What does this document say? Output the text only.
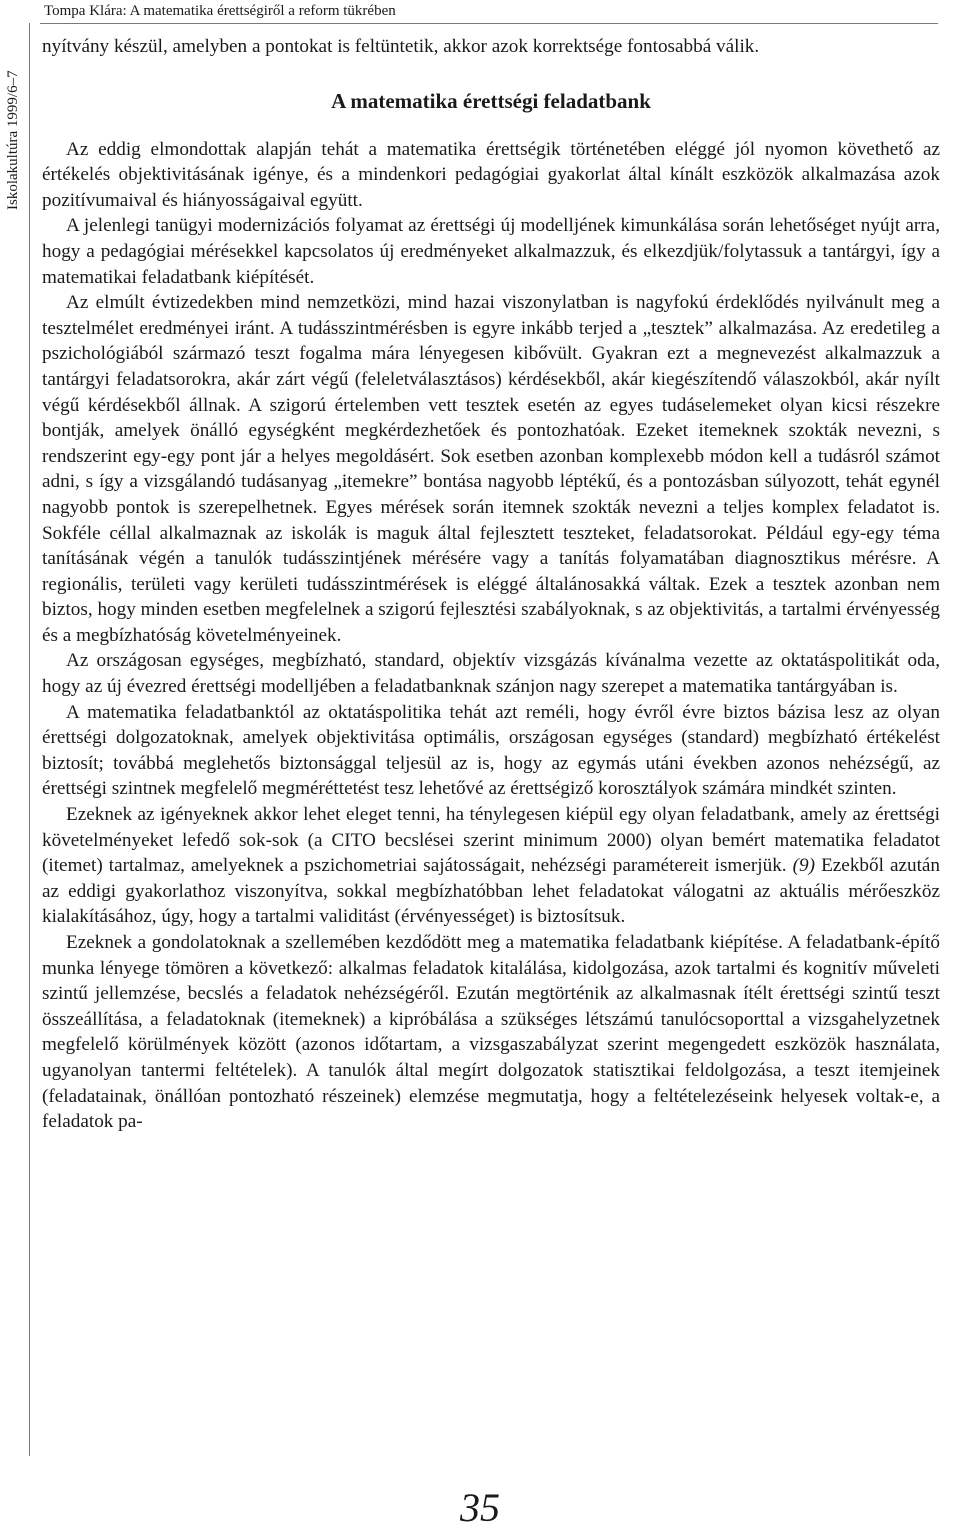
Tompa Klára: A matematika érettségiről a reform tükrében
Iskolakultúra 1999/6–7

nyítvány készül, amelyben a pontokat is feltüntetik, akkor azok korrektsége fontosabbá válik.

A matematika érettségi feladatbank

Az eddig elmondottak alapján tehát a matematika érettségik történetében eléggé jól nyomon követhető az értékelés objektivitásának igénye, és a mindenkori pedagógiai gyakorlat által kínált eszközök alkalmazása azok pozitívumaival és hiányosságaival együtt.

A jelenlegi tanügyi modernizációs folyamat az érettségi új modelljének kimunkálása során lehetőséget nyújt arra, hogy a pedagógiai mérésekkel kapcsolatos új eredményeket alkalmazzuk, és elkezdjük/folytassuk a tantárgyi, így a matematikai feladatbank kiépítését.

Az elmúlt évtizedekben mind nemzetközi, mind hazai viszonylatban is nagyfokú érdeklődés nyilvánult meg a tesztelmélet eredményei iránt. A tudásszintmérésben is egyre inkább terjed a „tesztek” alkalmazása. Az eredetileg a pszichológiából származó teszt fogalma mára lényegesen kibővült. Gyakran ezt a megnevezést alkalmazzuk a tantárgyi feladatsorokra, akár zárt végű (feleletválasztásos) kérdésekből, akár kiegészítendő válaszokból, akár nyílt végű kérdésekből állnak. A szigorú értelemben vett tesztek esetén az egyes tudáselemeket olyan kicsi részekre bontják, amelyek önálló egységként megkérdezhetőek és pontozhatóak. Ezeket itemeknek szokták nevezni, s rendszerint egy-egy pont jár a helyes megoldásért. Sok esetben azonban komplexebb módon kell a tudásról számot adni, s így a vizsgálandó tudásanyag „itemekre” bontása nagyobb léptékű, és a pontozásban súlyozott, tehát egynél nagyobb pontok is szerepelhetnek. Egyes mérések során itemnek szokták nevezni a teljes komplex feladatot is. Sokféle céllal alkalmaznak az iskolák is maguk által fejlesztett teszteket, feladatsorokat. Például egy-egy téma tanításának végén a tanulók tudásszintjének mérésére vagy a tanítás folyamatában diagnosztikus mérésre. A regionális, területi vagy kerületi tudásszintmérések is eléggé általánosakká váltak. Ezek a tesztek azonban nem biztos, hogy minden esetben megfelelnek a szigorú fejlesztési szabályoknak, s az objektivitás, a tartalmi érvényesség és a megbízhatóság követelményeinek.

Az országosan egységes, megbízható, standard, objektív vizsgázás kívánalma vezette az oktatáspolitikát oda, hogy az új évezred érettségi modelljében a feladatbanknak szánjon nagy szerepet a matematika tantárgyában is.

A matematika feladatbanktól az oktatáspolitika tehát azt reméli, hogy évről évre biztos bázisa lesz az olyan érettségi dolgozatoknak, amelyek objektivitása optimális, országosan egységes (standard) megbízható értékelést biztosít; továbbá meglehetős biztonsággal teljesül az is, hogy az egymás utáni években azonos nehézségű, az érettségi szintnek megfelelő megméréttetést tesz lehetővé az érettségiző korosztályok számára mindkét szinten.

Ezeknek az igényeknek akkor lehet eleget tenni, ha ténylegesen kiépül egy olyan feladatbank, amely az érettségi követelményeket lefedő sok-sok (a CITO becslései szerint minimum 2000) olyan bemért matematika feladatot (itemet) tartalmaz, amelyeknek a pszichometriai sajátosságait, nehézségi paramétereit ismerjük. (9) Ezekből azután az eddigi gyakorlathoz viszonyítva, sokkal megbízhatóbban lehet feladatokat válogatni az aktuális mérőeszköz kialakításához, úgy, hogy a tartalmi validitást (érvényességet) is biztosítsuk.

Ezeknek a gondolatoknak a szellemében kezdődött meg a matematika feladatbank kiépítése. A feladatbank-építő munka lényege tömören a következő: alkalmas feladatok kitalálása, kidolgozása, azok tartalmi és kognitív műveleti szintű jellemzése, becslés a feladatok nehézségéről. Ezután megtörténik az alkalmasnak ítélt érettségi szintű teszt összeállítása, a feladatoknak (itemeknek) a kipróbálása a szükséges létszámú tanulócsoporttal a vizsgahelyzetnek megfelelő körülmények között (azonos időtartam, a vizsgaszabályzat szerint megengedett eszközök használata, ugyanolyan tantermi feltételek). A tanulók által megírt dolgozatok statisztikai feldolgozása, a teszt itemjeinek (feladatainak, önállóan pontozható részeinek) elemzése megmutatja, hogy a feltételezéseink helyesek voltak-e, a feladatok pa-

35
